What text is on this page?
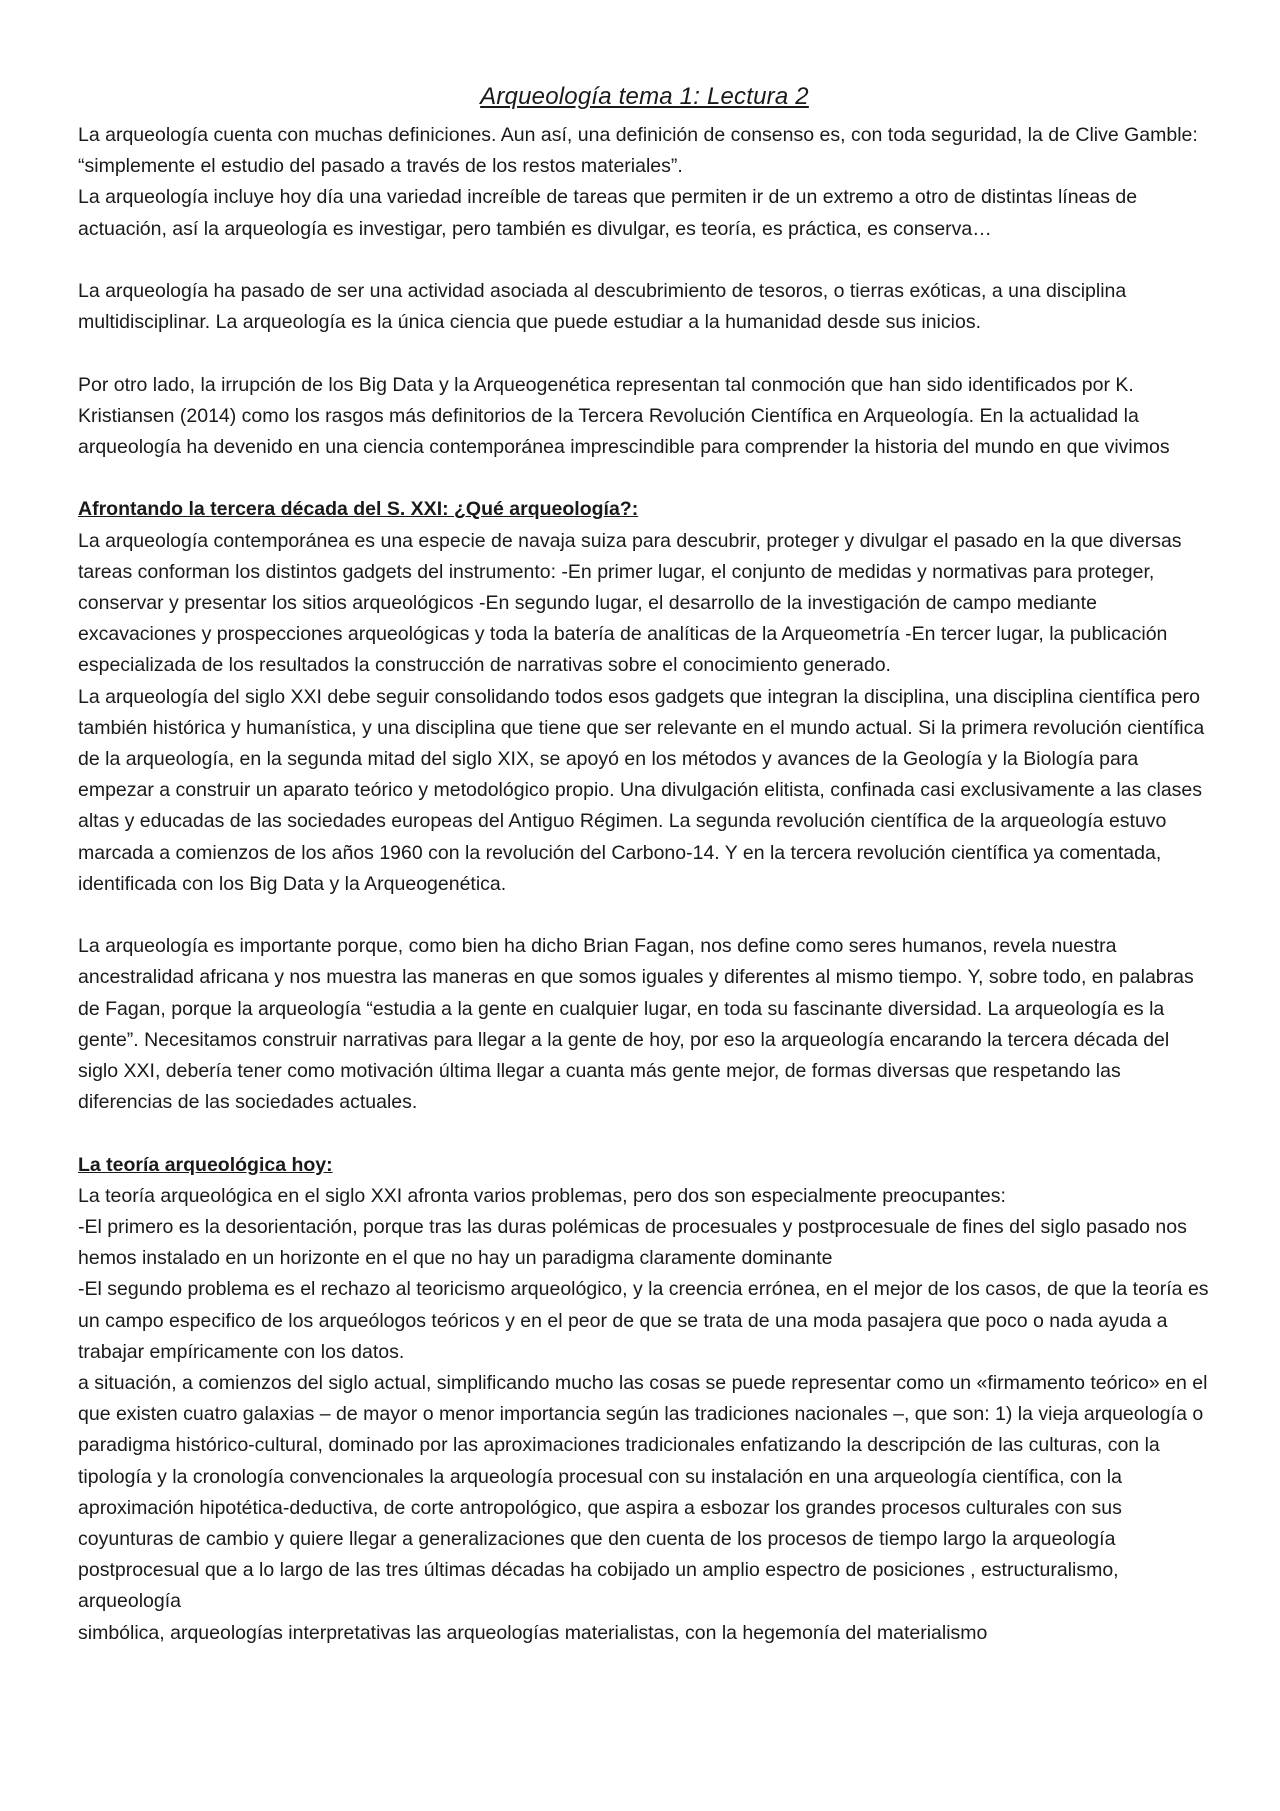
Arqueología tema 1: Lectura 2

La arqueología cuenta con muchas definiciones. Aun así, una definición de consenso es, con toda seguridad, la de Clive Gamble: “simplemente el estudio del pasado a través de los restos materiales”.

La arqueología incluye hoy día una variedad increíble de tareas que permiten ir de un extremo a otro de distintas líneas de actuación, así la arqueología es investigar, pero también es divulgar, es teoría, es práctica, es conserva…

La arqueología ha pasado de ser una actividad asociada al descubrimiento de tesoros, o tierras exóticas, a una disciplina multidisciplinar. La arqueología es la única ciencia que puede estudiar a la humanidad desde sus inicios.

Por otro lado, la irrupción de los Big Data y la Arqueogenética representan tal conmoción que han sido identificados por K. Kristiansen (2014) como los rasgos más definitorios de la Tercera Revolución Científica en Arqueología. En la actualidad la arqueología ha devenido en una ciencia contemporánea imprescindible para comprender la historia del mundo en que vivimos

Afrontando la tercera década del S. XXI: ¿Qué arqueología?:

La arqueología contemporánea es una especie de navaja suiza para descubrir, proteger y divulgar el pasado en la que diversas tareas conforman los distintos gadgets del instrumento: -En primer lugar, el conjunto de medidas y normativas para proteger, conservar y presentar los sitios arqueológicos -En segundo lugar, el desarrollo de la investigación de campo mediante excavaciones y prospecciones arqueológicas y toda la batería de analíticas de la Arqueometría -En tercer lugar, la publicación especializada de los resultados la construcción de narrativas sobre el conocimiento generado.

La arqueología del siglo XXI debe seguir consolidando todos esos gadgets que integran la disciplina, una disciplina científica pero también histórica y humanística, y una disciplina que tiene que ser relevante en el mundo actual. Si la primera revolución científica de la arqueología, en la segunda mitad del siglo XIX, se apoyó en los métodos y avances de la Geología y la Biología para empezar a construir un aparato teórico y metodológico propio. Una divulgación elitista, confinada casi exclusivamente a las clases altas y educadas de las sociedades europeas del Antiguo Régimen. La segunda revolución científica de la arqueología estuvo marcada a comienzos de los años 1960 con la revolución del Carbono-14. Y en la tercera revolución científica ya comentada, identificada con los Big Data y la Arqueogenética.

La arqueología es importante porque, como bien ha dicho Brian Fagan, nos define como seres humanos, revela nuestra ancestralidad africana y nos muestra las maneras en que somos iguales y diferentes al mismo tiempo. Y, sobre todo, en palabras de Fagan, porque la arqueología “estudia a la gente en cualquier lugar, en toda su fascinante diversidad. La arqueología es la gente”. Necesitamos construir narrativas para llegar a la gente de hoy, por eso la arqueología encarando la tercera década del siglo XXI, debería tener como motivación última llegar a cuanta más gente mejor, de formas diversas que respetando las diferencias de las sociedades actuales.

La teoría arqueológica hoy:

La teoría arqueológica en el siglo XXI afronta varios problemas, pero dos son especialmente preocupantes:

-El primero es la desorientación, porque tras las duras polémicas de procesuales y postprocesuale de fines del siglo pasado nos hemos instalado en un horizonte en el que no hay un paradigma claramente dominante

-El segundo problema es el rechazo al teoricismo arqueológico, y la creencia errónea, en el mejor de los casos, de que la teoría es un campo especifico de los arqueólogos teóricos y en el peor de que se trata de una moda pasajera que poco o nada ayuda a trabajar empíricamente con los datos.

a situación, a comienzos del siglo actual, simplificando mucho las cosas se puede representar como un «firmamento teórico» en el que existen cuatro galaxias – de mayor o menor importancia según las tradiciones nacionales –, que son: 1) la vieja arqueología o paradigma histórico-cultural, dominado por las aproximaciones tradicionales enfatizando la descripción de las culturas, con la tipología y la cronología convencionales la arqueología procesual con su instalación en una arqueología científica, con la aproximación hipotética-deductiva, de corte antropológico, que aspira a esbozar los grandes procesos culturales con sus coyunturas de cambio y quiere llegar a generalizaciones que den cuenta de los procesos de tiempo largo la arqueología postprocesual que a lo largo de las tres últimas décadas ha cobijado un amplio espectro de posiciones , estructuralismo, arqueología

simbólica, arqueologías interpretativas las arqueologías materialistas, con la hegemonía del materialismo
